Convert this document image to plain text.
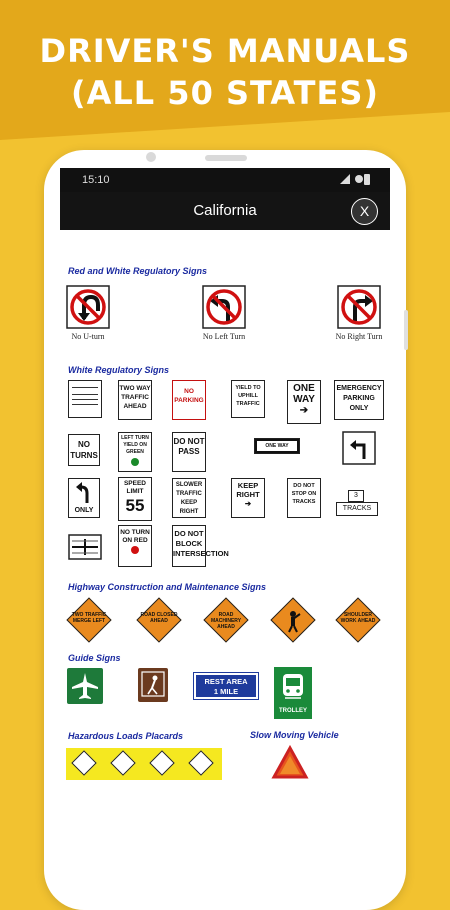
DRIVER'S MANUALS
(ALL 50 STATES)
15:10
California	X
Red and White Regulatory Signs
No U-turn	No Left Turn	No Right Turn
White Regulatory Signs
TWO WAY TRAFFIC AHEAD
NO PARKING
YIELD TO UPHILL TRAFFIC
ONE WAY
➔
EMERGENCY PARKING ONLY
NO TURNS
LEFT TURN YIELD ON GREEN
DO NOT PASS
ONE WAY
ONLY
SPEED LIMIT
55
SLOWER TRAFFIC KEEP RIGHT
KEEP RIGHT
➔
DO NOT STOP ON TRACKS
3
TRACKS
NO TURN ON RED
DO NOT BLOCK INTERSECTION
Highway Construction and Maintenance Signs
TWO TRAFFIC MERGE LEFT
ROAD CLOSED AHEAD
ROAD MACHINERY AHEAD
SHOULDER WORK AHEAD
Guide Signs
REST AREA
1 MILE
TROLLEY
Hazardous Loads Placards	Slow Moving Vehicle
